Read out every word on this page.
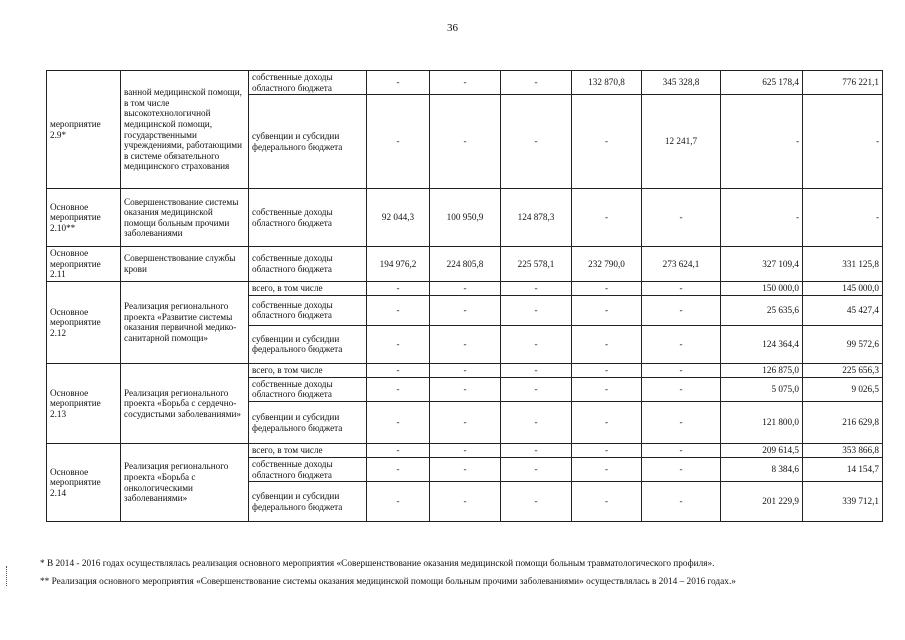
36
мероприятие 2.9*	ванной медицинской помощи, в том числе высокотехнологичной медицинской помощи, государственными учреждениями, работающими в системе обязательного медицинского страхования	собственные доходы областного бюджета	-	-	-	132 870,8	345 328,8	625 178,4	776 221,1
		субвенции и субсидии федерального бюджета	-	-	-	-	12 241,7	-	-
Основное мероприятие 2.10**	Совершенствование системы оказания медицинской помощи больным прочими заболеваниями	собственные доходы областного бюджета	92 044,3	100 950,9	124 878,3	-	-	-	-
Основное мероприятие 2.11	Совершенствование службы крови	собственные доходы областного бюджета	194 976,2	224 805,8	225 578,1	232 790,0	273 624,1	327 109,4	331 125,8
Основное мероприятие 2.12	Реализация регионального проекта «Развитие системы оказания первичной медико-санитарной помощи»	всего, в том числе	-	-	-	-	-	150 000,0	145 000,0
		собственные доходы областного бюджета	-	-	-	-	-	25 635,6	45 427,4
		субвенции и субсидии федерального бюджета	-	-	-	-	-	124 364,4	99 572,6
Основное мероприятие 2.13	Реализация регионального проекта «Борьба с сердечно-сосудистыми заболеваниями»	всего, в том числе	-	-	-	-	-	126 875,0	225 656,3
		собственные доходы областного бюджета	-	-	-	-	-	5 075,0	9 026,5
		субвенции и субсидии федерального бюджета	-	-	-	-	-	121 800,0	216 629,8
Основное мероприятие 2.14	Реализация регионального проекта «Борьба с онкологическими заболеваниями»	всего, в том числе	-	-	-	-	-	209 614,5	353 866,8
		собственные доходы областного бюджета	-	-	-	-	-	8 384,6	14 154,7
		субвенции и субсидии федерального бюджета	-	-	-	-	-	201 229,9	339 712,1

* В 2014 - 2016 годах осуществлялась реализация основного мероприятия «Совершенствование оказания медицинской помощи больным травматологического профиля».

** Реализация основного мероприятия «Совершенствование системы оказания медицинской помощи больным прочими заболеваниями» осуществлялась в 2014 – 2016 годах.»
